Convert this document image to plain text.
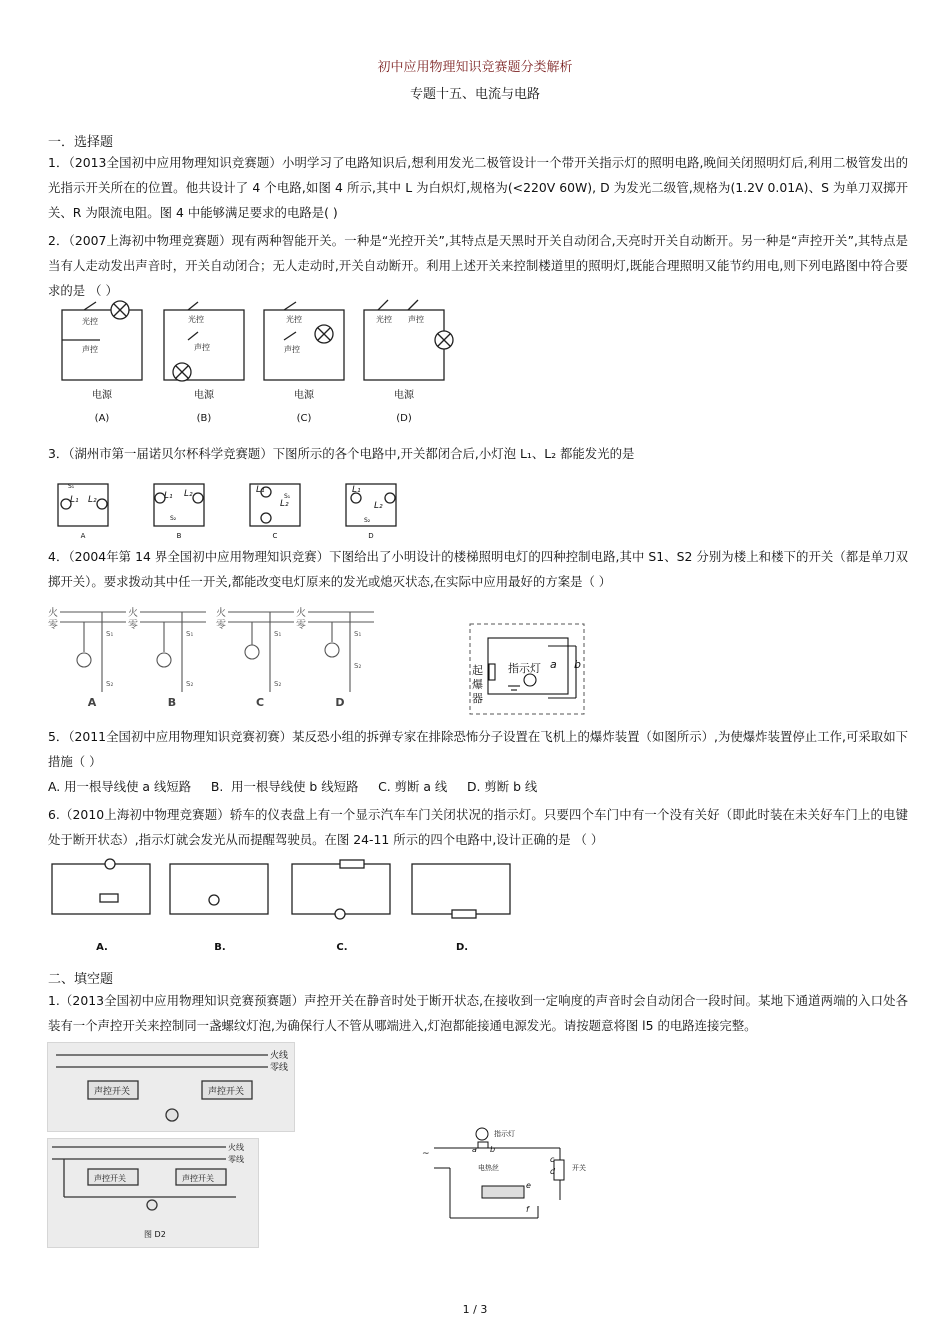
初中应用物理知识竞赛题分类解析
专题十五、电流与电路
一．选择题
1．（2013全国初中应用物理知识竞赛题）小明学习了电路知识后,想利用发光二极管设计一个带开关指示灯的照明电路,晚间关闭照明灯后,利用二极管发出的光指示开关所在的位置。他共设计了 4 个电路,如图 4 所示,其中 L 为白炽灯,规格为(<220V 60W), D 为发光二级管,规格为(1.2V 0.01A)、S 为单刀双掷开关、R 为限流电阻。图 4 中能够满足要求的电路是( )
2．（2007上海初中物理竞赛题）现有两种智能开关。一种是“光控开关”,其特点是天黑时开关自动闭合,天亮时开关自动断开。另一种是“声控开关”,其特点是当有人走动发出声音时，开关自动闭合；无人走动时,开关自动断开。利用上述开关来控制楼道里的照明灯,既能合理照明又能节约用电,则下列电路图中符合要求的是 （ ）
光控
声控
光控
声控
光控
声控
光控 声控
电源	电源	电源	电源
(A)	(B)	(C)	(D)
3．（湖州市第一届诺贝尔杯科学竞赛题）下图所示的各个电路中,开关都闭合后,小灯泡 L₁、L₂ 都能发光的是
L₁ L₂	L₁ L₂	L₁
L₂
L₁
L₂
S₁
S₂
S₁
S₂
A	B	C	D
4．（2004年第 14 界全国初中应用物理知识竞赛）下图给出了小明设计的楼梯照明电灯的四种控制电路,其中 S1、S2 分别为楼上和楼下的开关（都是单刀双掷开关）。要求拨动其中任一开关,都能改变电灯原来的发光或熄灭状态,在实际中应用最好的方案是（ ）
火
零
火
零
火
零
火
零
S₁
S₂
S₁
S₂
S₁
S₂
S₁
S₂
A	B	C	D
起
爆
器
指示灯 a b
5．（2011全国初中应用物理知识竞赛初赛）某反恐小组的拆弹专家在排除恐怖分子设置在飞机上的爆炸装置（如图所示）,为使爆炸装置停止工作,可采取如下措施（ ）
A. 用一根导线使 a 线短路     B.  用一根导线使 b 线短路     C. 剪断 a 线     D. 剪断 b 线
6.（2010上海初中物理竞赛题）轿车的仪表盘上有一个显示汽车车门关闭状况的指示灯。只要四个车门中有一个没有关好（即此时装在未关好车门上的电键处于断开状态）,指示灯就会发光从而提醒驾驶员。在图 24-11 所示的四个电路中,设计正确的是 （ ）
A.	B.	C.	D.
二、填空题
1.（2013全国初中应用物理知识竞赛预赛题）声控开关在静音时处于断开状态,在接收到一定响度的声音时会自动闭合一段时间。某地下通道两端的入口处各装有一个声控开关来控制同一盏螺纹灯泡,为确保行人不管从哪端进入,灯泡都能接通电源发光。请按题意将图 l5 的电路连接完整。
火线
零线
声控开关	声控开关
火线
零线
声控开关	声控开关
图 D2
~
指示灯
电热丝	开关
a b
c
d
e
f
1 / 3
